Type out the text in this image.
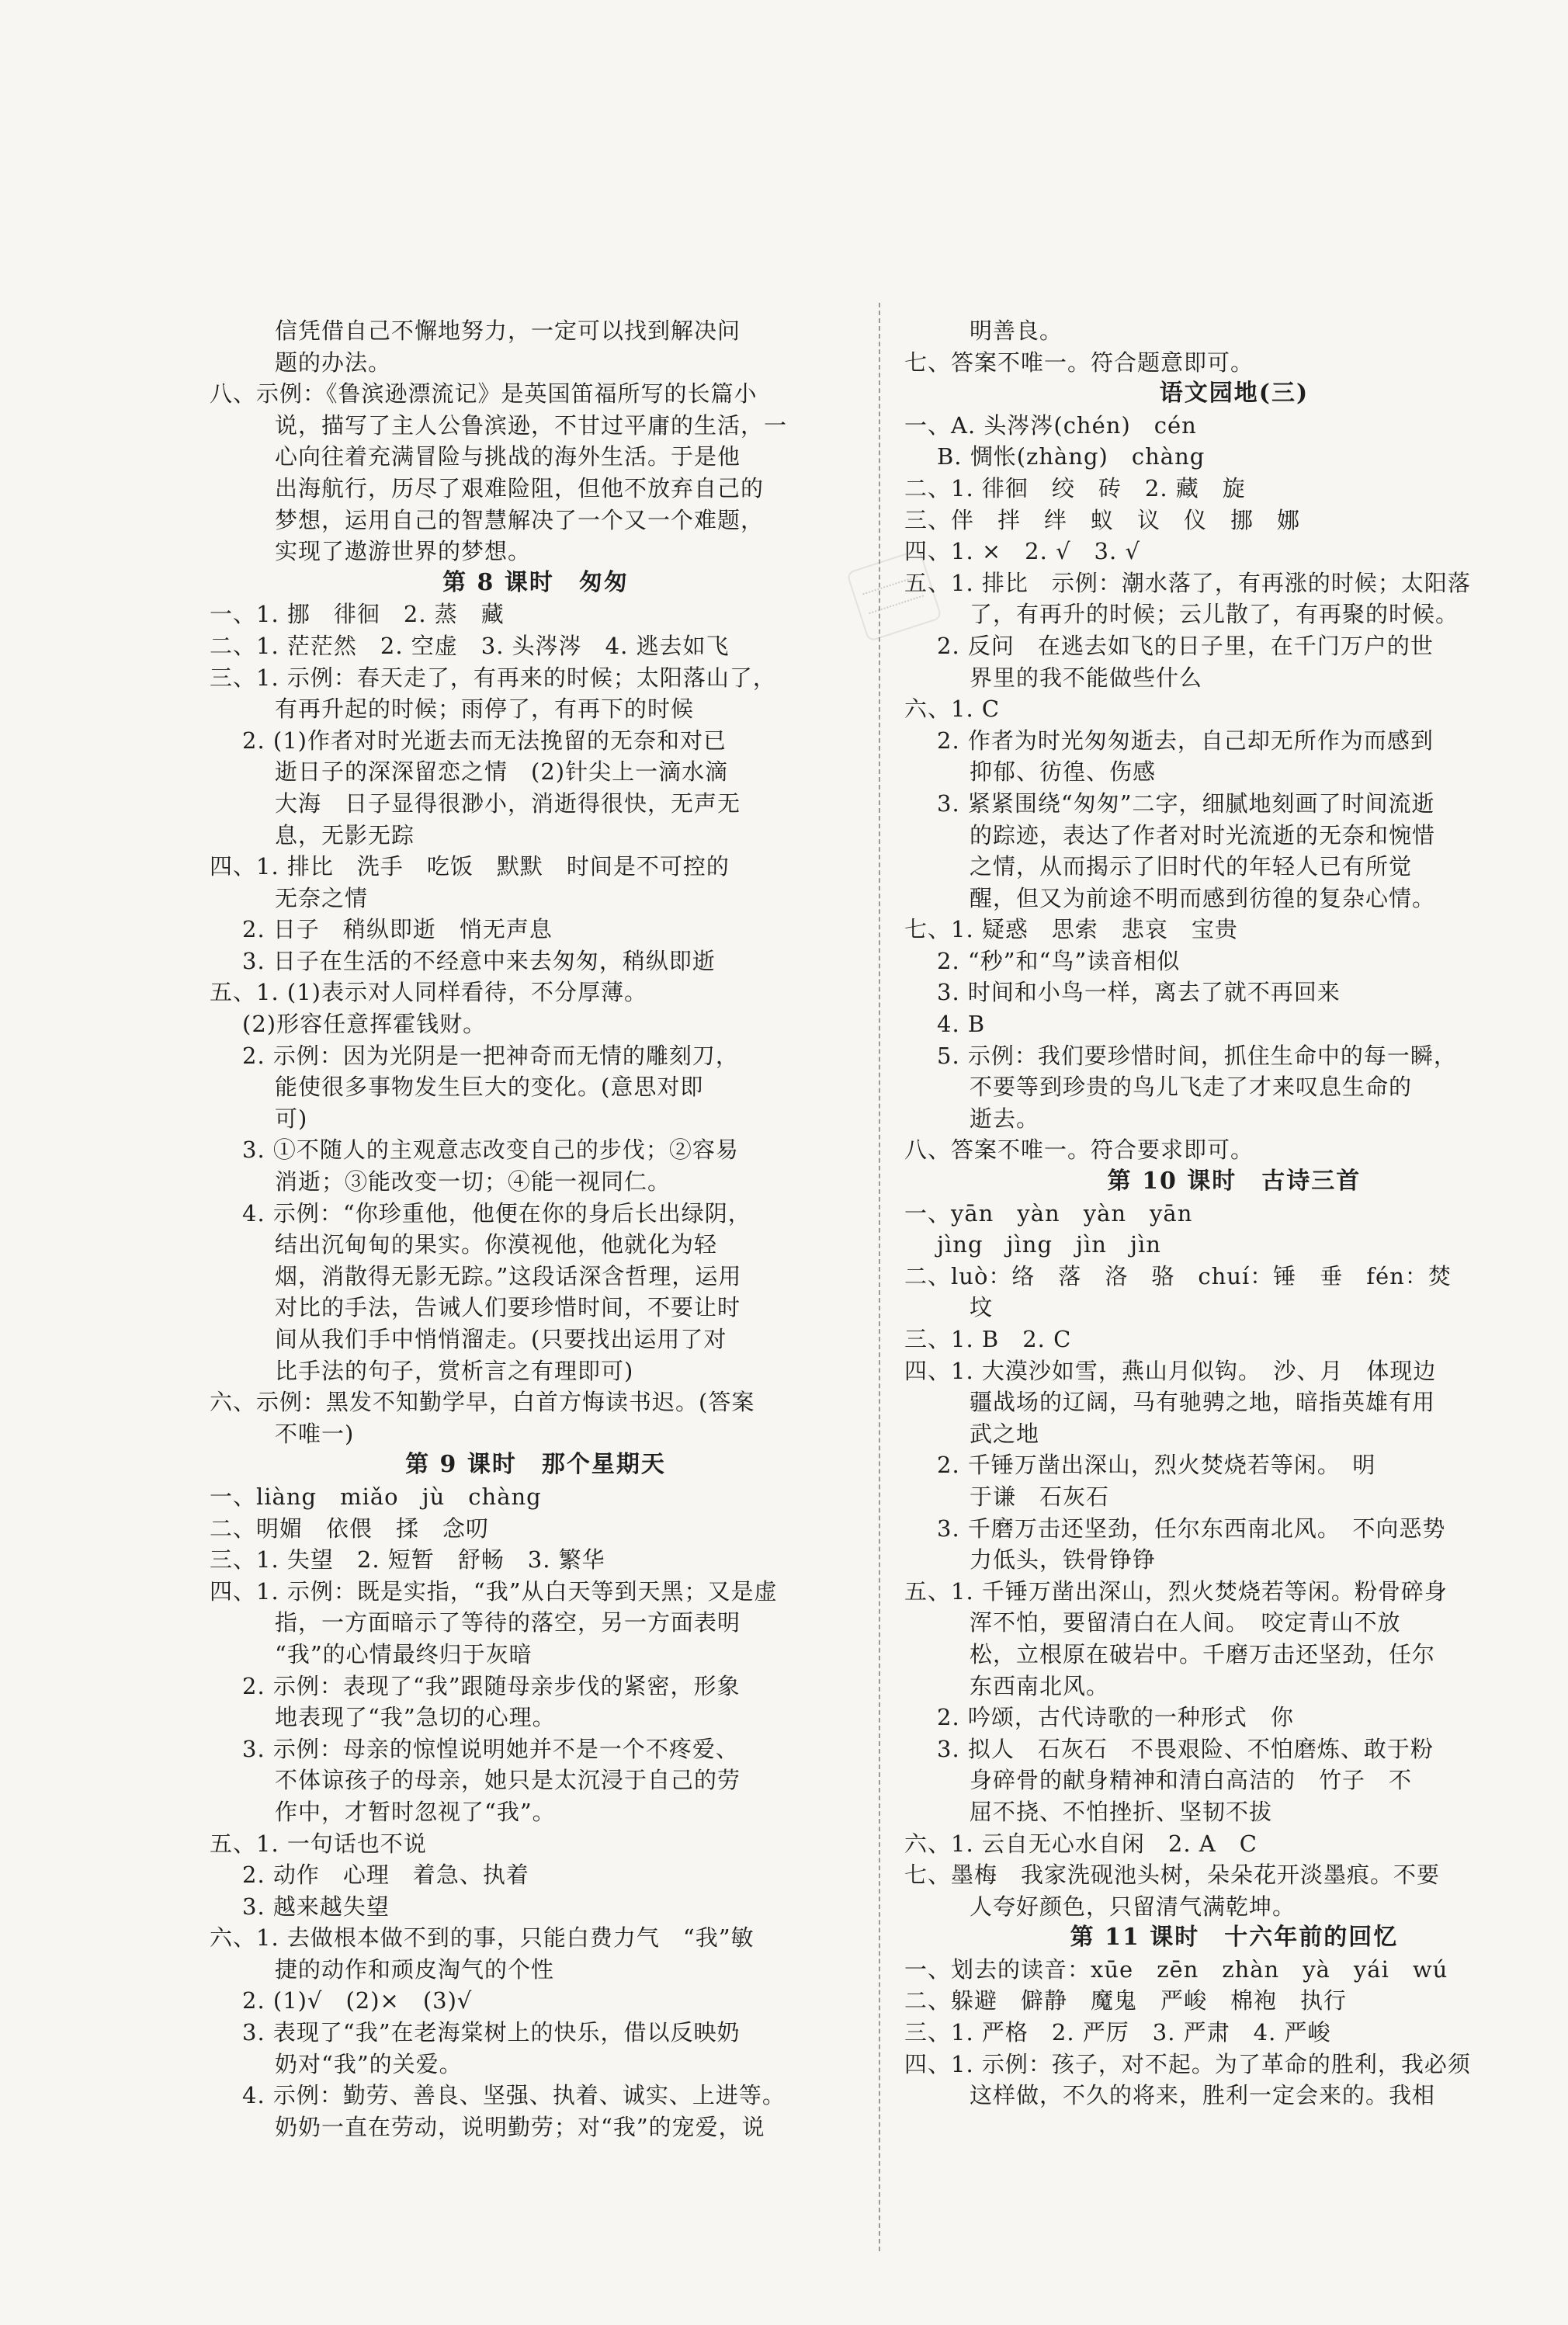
信凭借自己不懈地努力，一定可以找到解决问
题的办法。
八、示例：《鲁滨逊漂流记》是英国笛福所写的长篇小
说，描写了主人公鲁滨逊，不甘过平庸的生活，一
心向往着充满冒险与挑战的海外生活。于是他
出海航行，历尽了艰难险阻，但他不放弃自己的
梦想，运用自己的智慧解决了一个又一个难题，
实现了遨游世界的梦想。
第 8 课时　匆匆
一、1. 挪　徘徊　2. 蒸　藏
二、1. 茫茫然　2. 空虚　3. 头涔涔　4. 逃去如飞
三、1. 示例：春天走了，有再来的时候；太阳落山了，
有再升起的时候；雨停了，有再下的时候
2. (1)作者对时光逝去而无法挽留的无奈和对已
逝日子的深深留恋之情　(2)针尖上一滴水滴
大海　日子显得很渺小，消逝得很快，无声无
息，无影无踪
四、1. 排比　洗手　吃饭　默默　时间是不可控的
无奈之情
2. 日子　稍纵即逝　悄无声息
3. 日子在生活的不经意中来去匆匆，稍纵即逝
五、1. (1)表示对人同样看待，不分厚薄。
(2)形容任意挥霍钱财。
2. 示例：因为光阴是一把神奇而无情的雕刻刀，
能使很多事物发生巨大的变化。(意思对即
可)
3. ①不随人的主观意志改变自己的步伐；②容易
消逝；③能改变一切；④能一视同仁。
4. 示例：“你珍重他，他便在你的身后长出绿阴，
结出沉甸甸的果实。你漠视他，他就化为轻
烟，消散得无影无踪。”这段话深含哲理，运用
对比的手法，告诫人们要珍惜时间，不要让时
间从我们手中悄悄溜走。(只要找出运用了对
比手法的句子，赏析言之有理即可)
六、示例：黑发不知勤学早，白首方悔读书迟。(答案
不唯一)
第 9 课时　那个星期天
一、liàng　miǎo　jù　chàng
二、明媚　依偎　揉　念叨
三、1. 失望　2. 短暂　舒畅　3. 繁华
四、1. 示例：既是实指，“我”从白天等到天黑；又是虚
指，一方面暗示了等待的落空，另一方面表明
“我”的心情最终归于灰暗
2. 示例：表现了“我”跟随母亲步伐的紧密，形象
地表现了“我”急切的心理。
3. 示例：母亲的惊惶说明她并不是一个不疼爱、
不体谅孩子的母亲，她只是太沉浸于自己的劳
作中，才暂时忽视了“我”。
五、1. 一句话也不说
2. 动作　心理　着急、执着
3. 越来越失望
六、1. 去做根本做不到的事，只能白费力气　“我”敏
捷的动作和顽皮淘气的个性
2. (1)√　(2)×　(3)√
3. 表现了“我”在老海棠树上的快乐，借以反映奶
奶对“我”的关爱。
4. 示例：勤劳、善良、坚强、执着、诚实、上进等。
奶奶一直在劳动，说明勤劳；对“我”的宠爱，说
明善良。
七、答案不唯一。符合题意即可。
语文园地(三)
一、A. 头涔涔(chén)　cén
B. 惆怅(zhàng)　chàng
二、1. 徘徊　绞　砖　2. 藏　旋
三、伴　拌　绊　蚁　议　仪　挪　娜
四、1. ×　2. √　3. √
五、1. 排比　示例：潮水落了，有再涨的时候；太阳落
了，有再升的时候；云儿散了，有再聚的时候。
2. 反问　在逃去如飞的日子里，在千门万户的世
界里的我不能做些什么
六、1. C
2. 作者为时光匆匆逝去，自己却无所作为而感到
抑郁、彷徨、伤感
3. 紧紧围绕“匆匆”二字，细腻地刻画了时间流逝
的踪迹，表达了作者对时光流逝的无奈和惋惜
之情，从而揭示了旧时代的年轻人已有所觉
醒，但又为前途不明而感到彷徨的复杂心情。
七、1. 疑惑　思索　悲哀　宝贵
2. “秒”和“鸟”读音相似
3. 时间和小鸟一样，离去了就不再回来
4. B
5. 示例：我们要珍惜时间，抓住生命中的每一瞬，
不要等到珍贵的鸟儿飞走了才来叹息生命的
逝去。
八、答案不唯一。符合要求即可。
第 10 课时　古诗三首
一、yān　yàn　yàn　yān
jìng　jìng　jìn　jìn
二、luò：络　落　洛　骆　chuí：锤　垂　fén：焚
坟
三、1. B　2. C
四、1. 大漠沙如雪，燕山月似钩。　沙、月　体现边
疆战场的辽阔，马有驰骋之地，暗指英雄有用
武之地
2. 千锤万凿出深山，烈火焚烧若等闲。　明
于谦　石灰石
3. 千磨万击还坚劲，任尔东西南北风。　不向恶势
力低头，铁骨铮铮
五、1. 千锤万凿出深山，烈火焚烧若等闲。粉骨碎身
浑不怕，要留清白在人间。　咬定青山不放
松，立根原在破岩中。千磨万击还坚劲，任尔
东西南北风。
2. 吟颂，古代诗歌的一种形式　你
3. 拟人　石灰石　不畏艰险、不怕磨炼、敢于粉
身碎骨的献身精神和清白高洁的　竹子　不
屈不挠、不怕挫折、坚韧不拔
六、1. 云自无心水自闲　2. A　C
七、墨梅　我家洗砚池头树，朵朵花开淡墨痕。不要
人夸好颜色，只留清气满乾坤。
第 11 课时　十六年前的回忆
一、划去的读音：xūe　zēn　zhàn　yà　yái　wú
二、躲避　僻静　魔鬼　严峻　棉袍　执行
三、1. 严格　2. 严厉　3. 严肃　4. 严峻
四、1. 示例：孩子，对不起。为了革命的胜利，我必须
这样做，不久的将来，胜利一定会来的。我相
